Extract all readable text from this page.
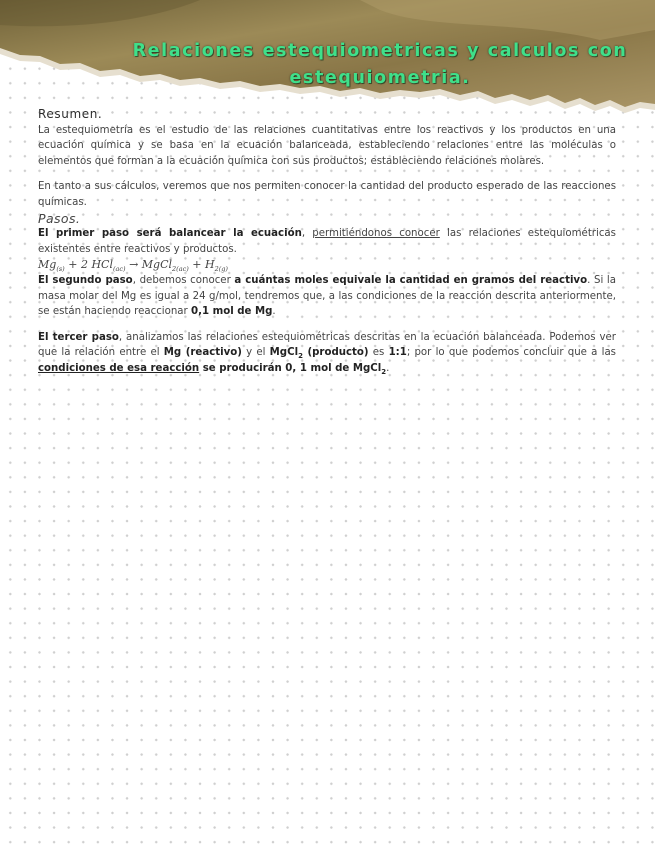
Relaciones estequiometricas y calculos con estequiometria.

Resumen.

La estequiometría es el estudio de las relaciones cuantitativas entre los reactivos y los productos en una ecuación química y se basa en la ecuación balanceada, estableciendo relaciones entre las moléculas o elementos que forman a la ecuación química con sus productos; estableciendo relaciones molares.

En tanto a sus cálculos, veremos que nos permiten conocer la cantidad del producto esperado de las reacciones químicas.

Pasos.

El primer paso será balancear la ecuación, permitiéndonos conocer las relaciones estequiométricas existentes entre reactivos y productos.

$Mg_{(s)} + 2$ HCl$_{(ac)}$ → MgCl$_{2(ac)}$ + $H_{2(g)}$

El segundo paso, debemos conocer a cuántas moles equivale la cantidad en gramos del reactivo. Si la masa molar del Mg es igual a 24 g/mol, tendremos que, a las condiciones de la reacción descrita anteriormente, se están haciendo reaccionar 0,1 mol de Mg.

El tercer paso, analizamos las relaciones estequiométricas descritas en la ecuación balanceada. Podemos ver que la relación entre el Mg (reactivo) y el MgCl$_2$ (producto) es 1:1; por lo que podemos concluir que a las condiciones de esa reacción se producirán 0, 1 mol de MgCl$_2$.
